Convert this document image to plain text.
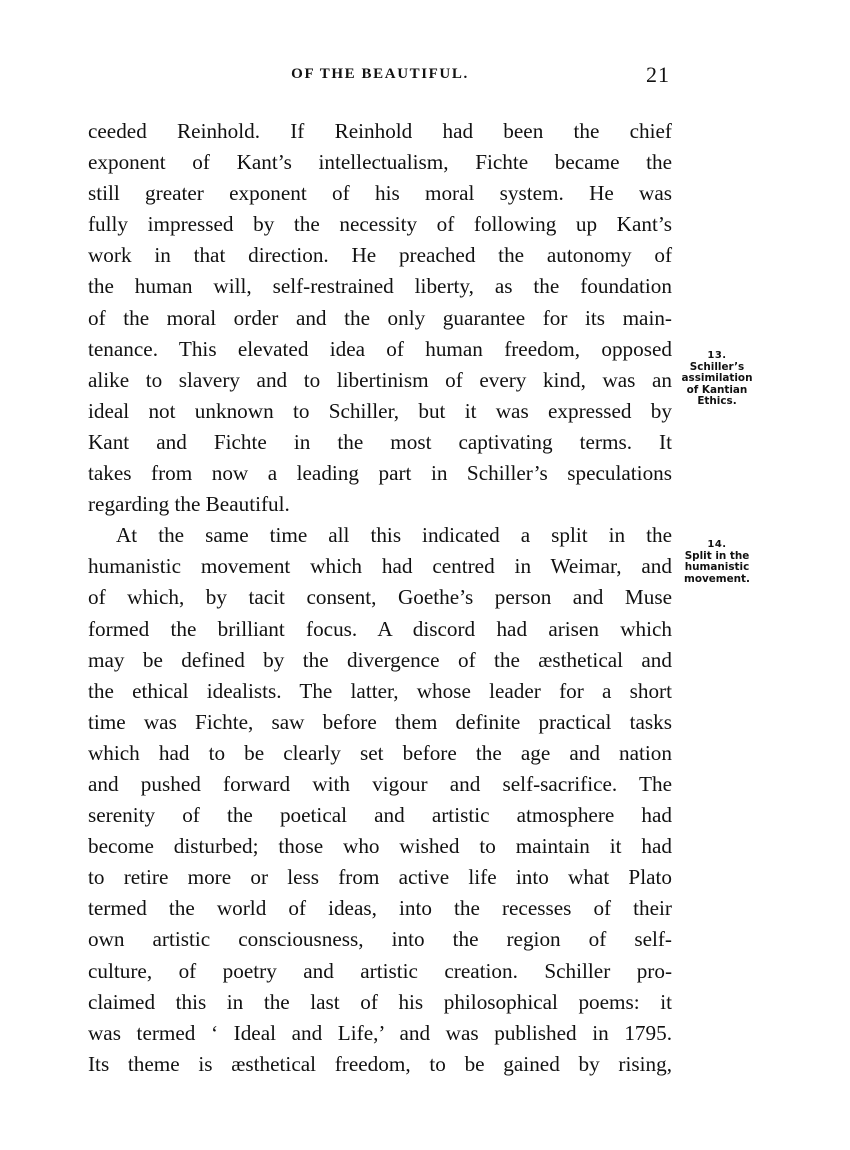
OF THE BEAUTIFUL.	21
ceeded Reinhold. If Reinhold had been the chief
exponent of Kant’s intellectualism, Fichte became the
still greater exponent of his moral system. He was
fully impressed by the necessity of following up Kant’s
work in that direction. He preached the autonomy of
the human will, self-restrained liberty, as the foundation
of the moral order and the only guarantee for its main-
tenance. This elevated idea of human freedom, opposed
alike to slavery and to libertinism of every kind, was an
ideal not unknown to Schiller, but it was expressed by
Kant and Fichte in the most captivating terms. It
takes from now a leading part in Schiller’s speculations
regarding the Beautiful.
At the same time all this indicated a split in the
humanistic movement which had centred in Weimar, and
of which, by tacit consent, Goethe’s person and Muse
formed the brilliant focus. A discord had arisen which
may be defined by the divergence of the æsthetical and
the ethical idealists. The latter, whose leader for a short
time was Fichte, saw before them definite practical tasks
which had to be clearly set before the age and nation
and pushed forward with vigour and self-sacrifice. The
serenity of the poetical and artistic atmosphere had
become disturbed; those who wished to maintain it had
to retire more or less from active life into what Plato
termed the world of ideas, into the recesses of their
own artistic consciousness, into the region of self-
culture, of poetry and artistic creation. Schiller pro-
claimed this in the last of his philosophical poems: it
was termed ‘ Ideal and Life,’ and was published in 1795.
Its theme is æsthetical freedom, to be gained by rising,
13.
Schiller’s
assimilation
of Kantian
Ethics.
14.
Split in the
humanistic
movement.
